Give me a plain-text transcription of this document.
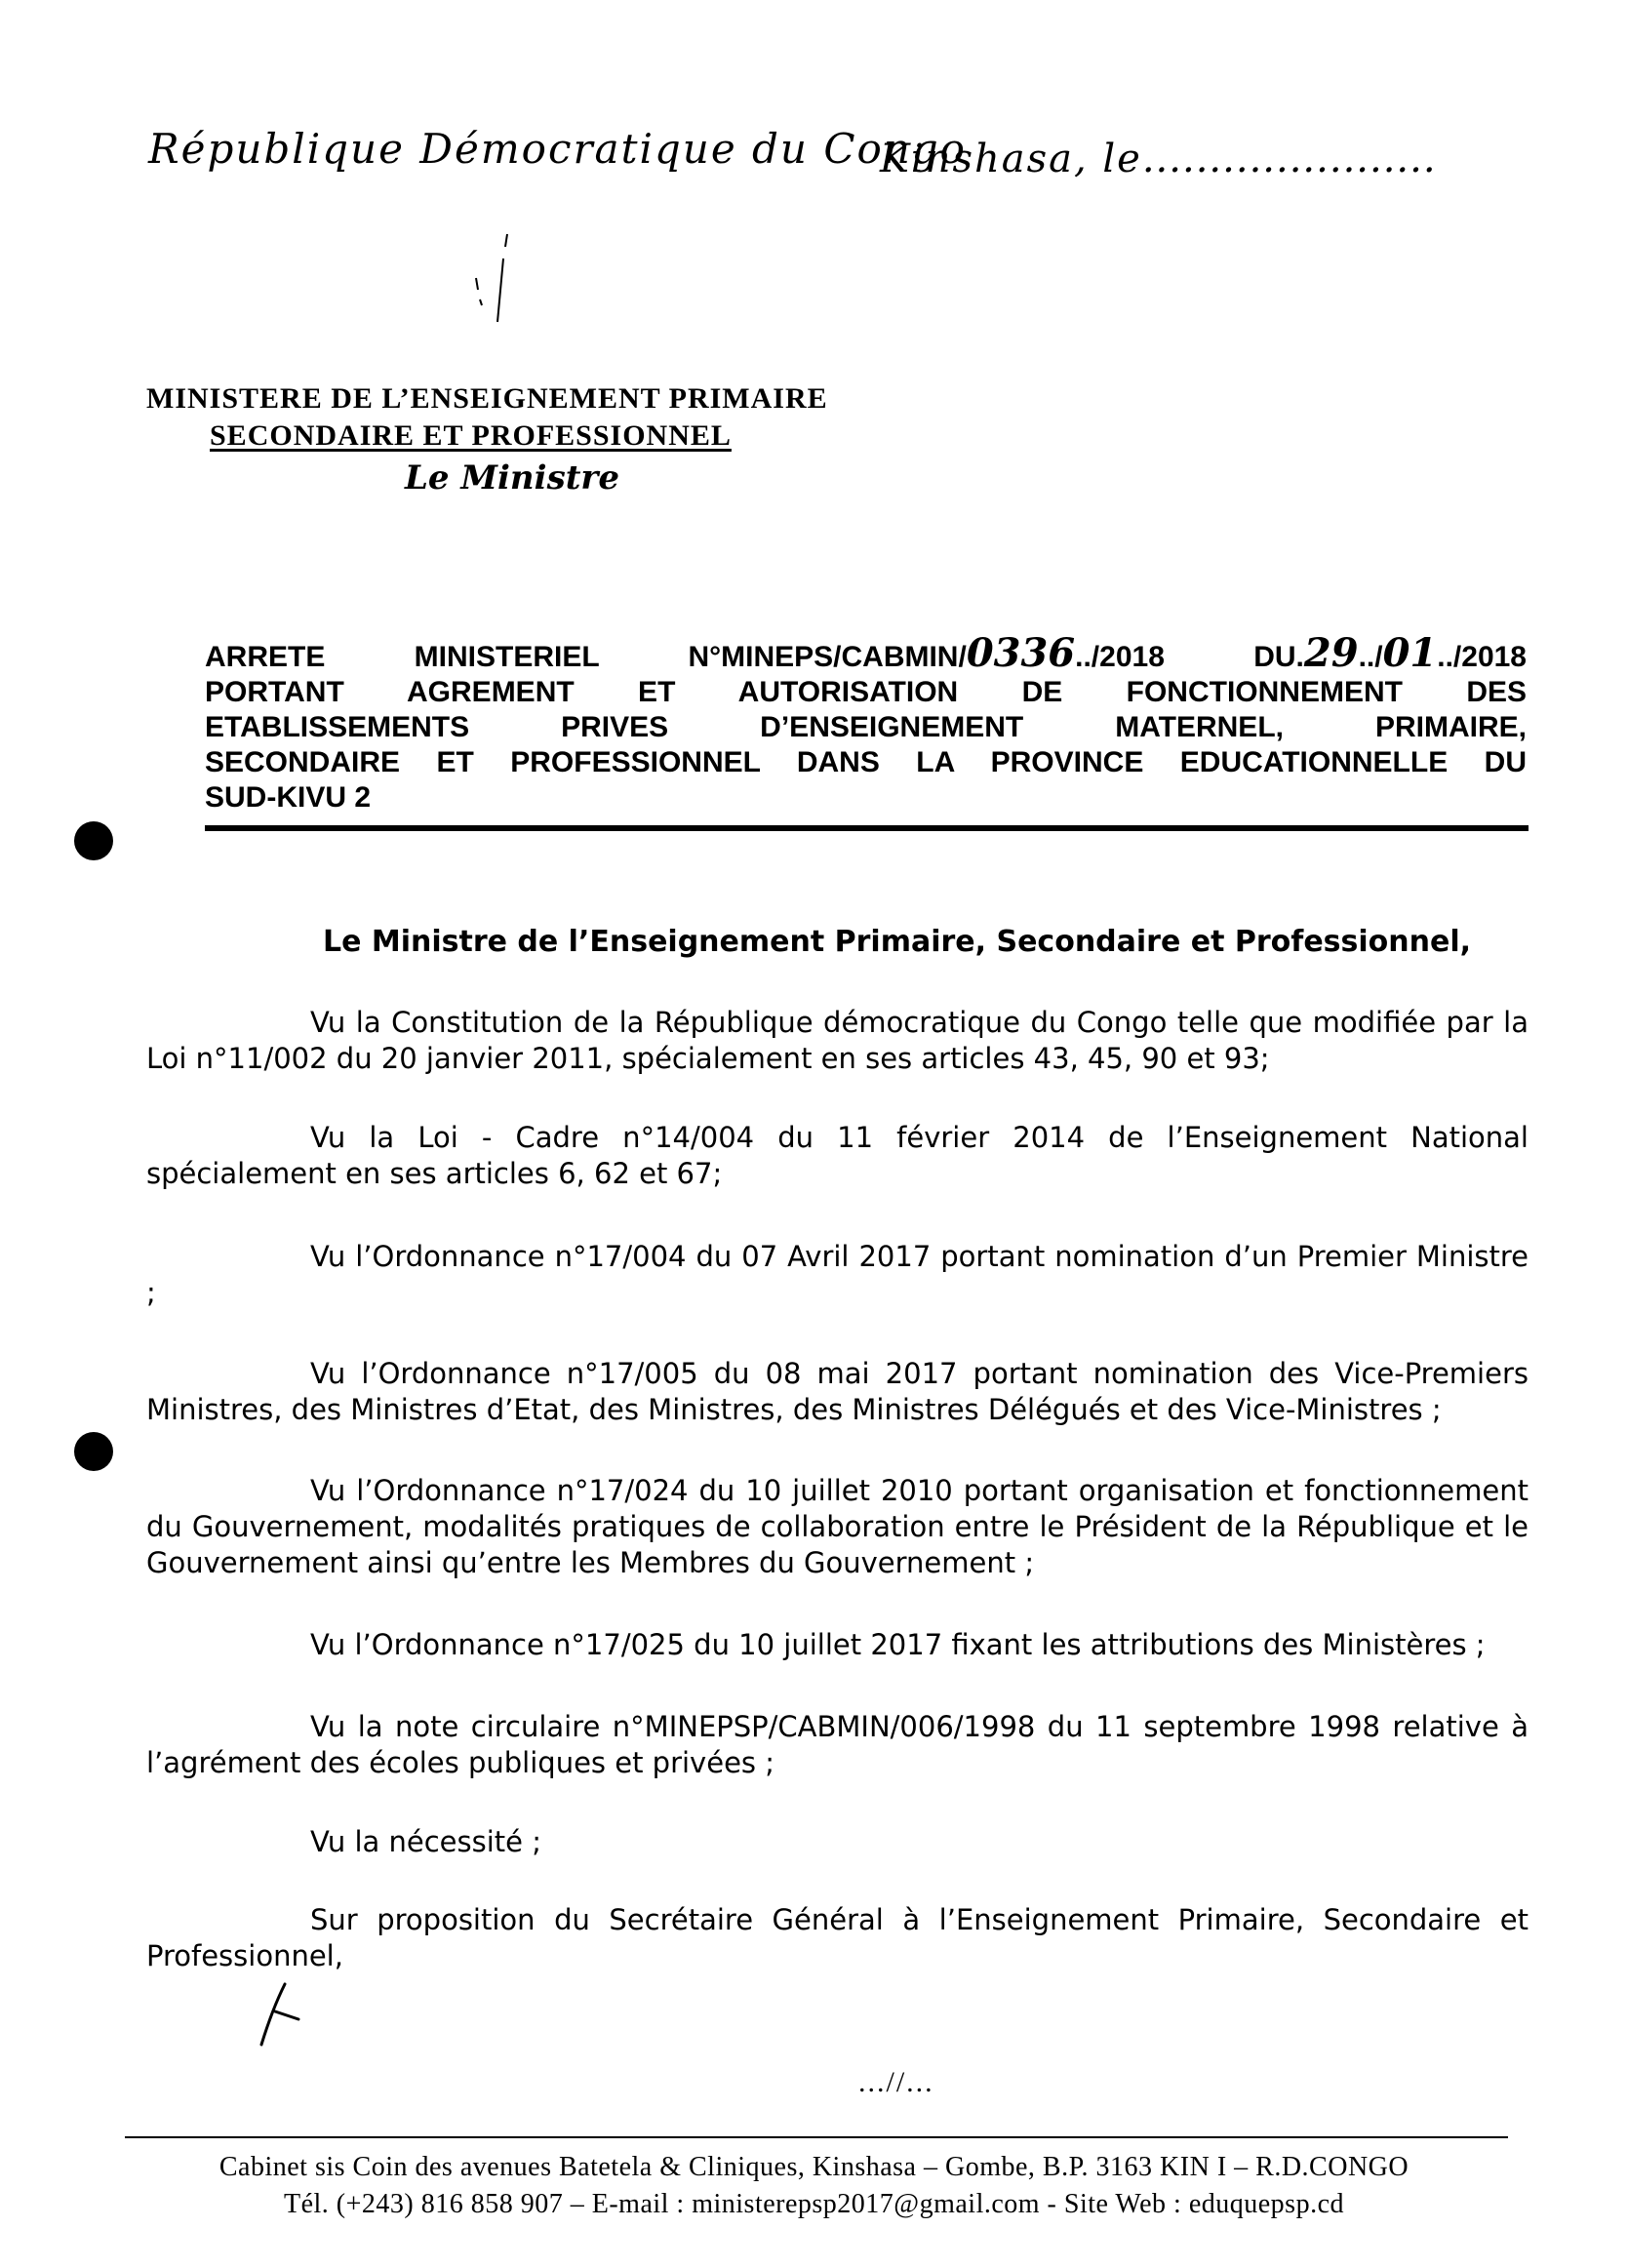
République Démocratique du Congo
Kinshasa, le......................
MINISTERE DE L’ENSEIGNEMENT PRIMAIRE
SECONDAIRE ET PROFESSIONNEL
Le Ministre
ARRETE	MINISTERIEL	N°MINEPS/CABMIN/0336../2018	DU.29../01../2018
PORTANT AGREMENT ET AUTORISATION DE FONCTIONNEMENT DES
ETABLISSEMENTS PRIVES D’ENSEIGNEMENT MATERNEL, PRIMAIRE,
SECONDAIRE ET PROFESSIONNEL DANS LA PROVINCE EDUCATIONNELLE DU
SUD-KIVU 2
Le Ministre de l’Enseignement Primaire, Secondaire et Professionnel,
Vu la Constitution de la République démocratique du Congo telle que modifiée par la Loi n°11/002 du 20 janvier 2011, spécialement en ses articles 43, 45, 90 et 93;
Vu la Loi - Cadre n°14/004 du 11 février 2014 de l’Enseignement National spécialement en ses articles 6, 62 et 67;
Vu l’Ordonnance n°17/004 du 07 Avril 2017 portant nomination d’un Premier Ministre ;
Vu l’Ordonnance n°17/005 du 08 mai 2017 portant nomination des Vice-Premiers Ministres, des Ministres d’Etat, des Ministres, des Ministres Délégués et des Vice-Ministres ;
Vu l’Ordonnance n°17/024 du 10 juillet 2010 portant organisation et fonctionnement du Gouvernement, modalités pratiques de collaboration entre le Président de la République et le Gouvernement ainsi qu’entre les Membres du Gouvernement ;
Vu l’Ordonnance n°17/025 du 10 juillet 2017 fixant les attributions des Ministères ;
Vu la note circulaire n°MINEPSP/CABMIN/006/1998 du 11 septembre 1998 relative à l’agrément des écoles publiques et privées ;
Vu la nécessité ;
Sur proposition du Secrétaire Général à l’Enseignement Primaire, Secondaire et Professionnel,
...//...
Cabinet sis Coin des avenues Batetela & Cliniques, Kinshasa – Gombe, B.P. 3163 KIN I – R.D.CONGO
Tél. (+243) 816 858 907 – E-mail : ministerepsp2017@gmail.com - Site Web : eduquepsp.cd
